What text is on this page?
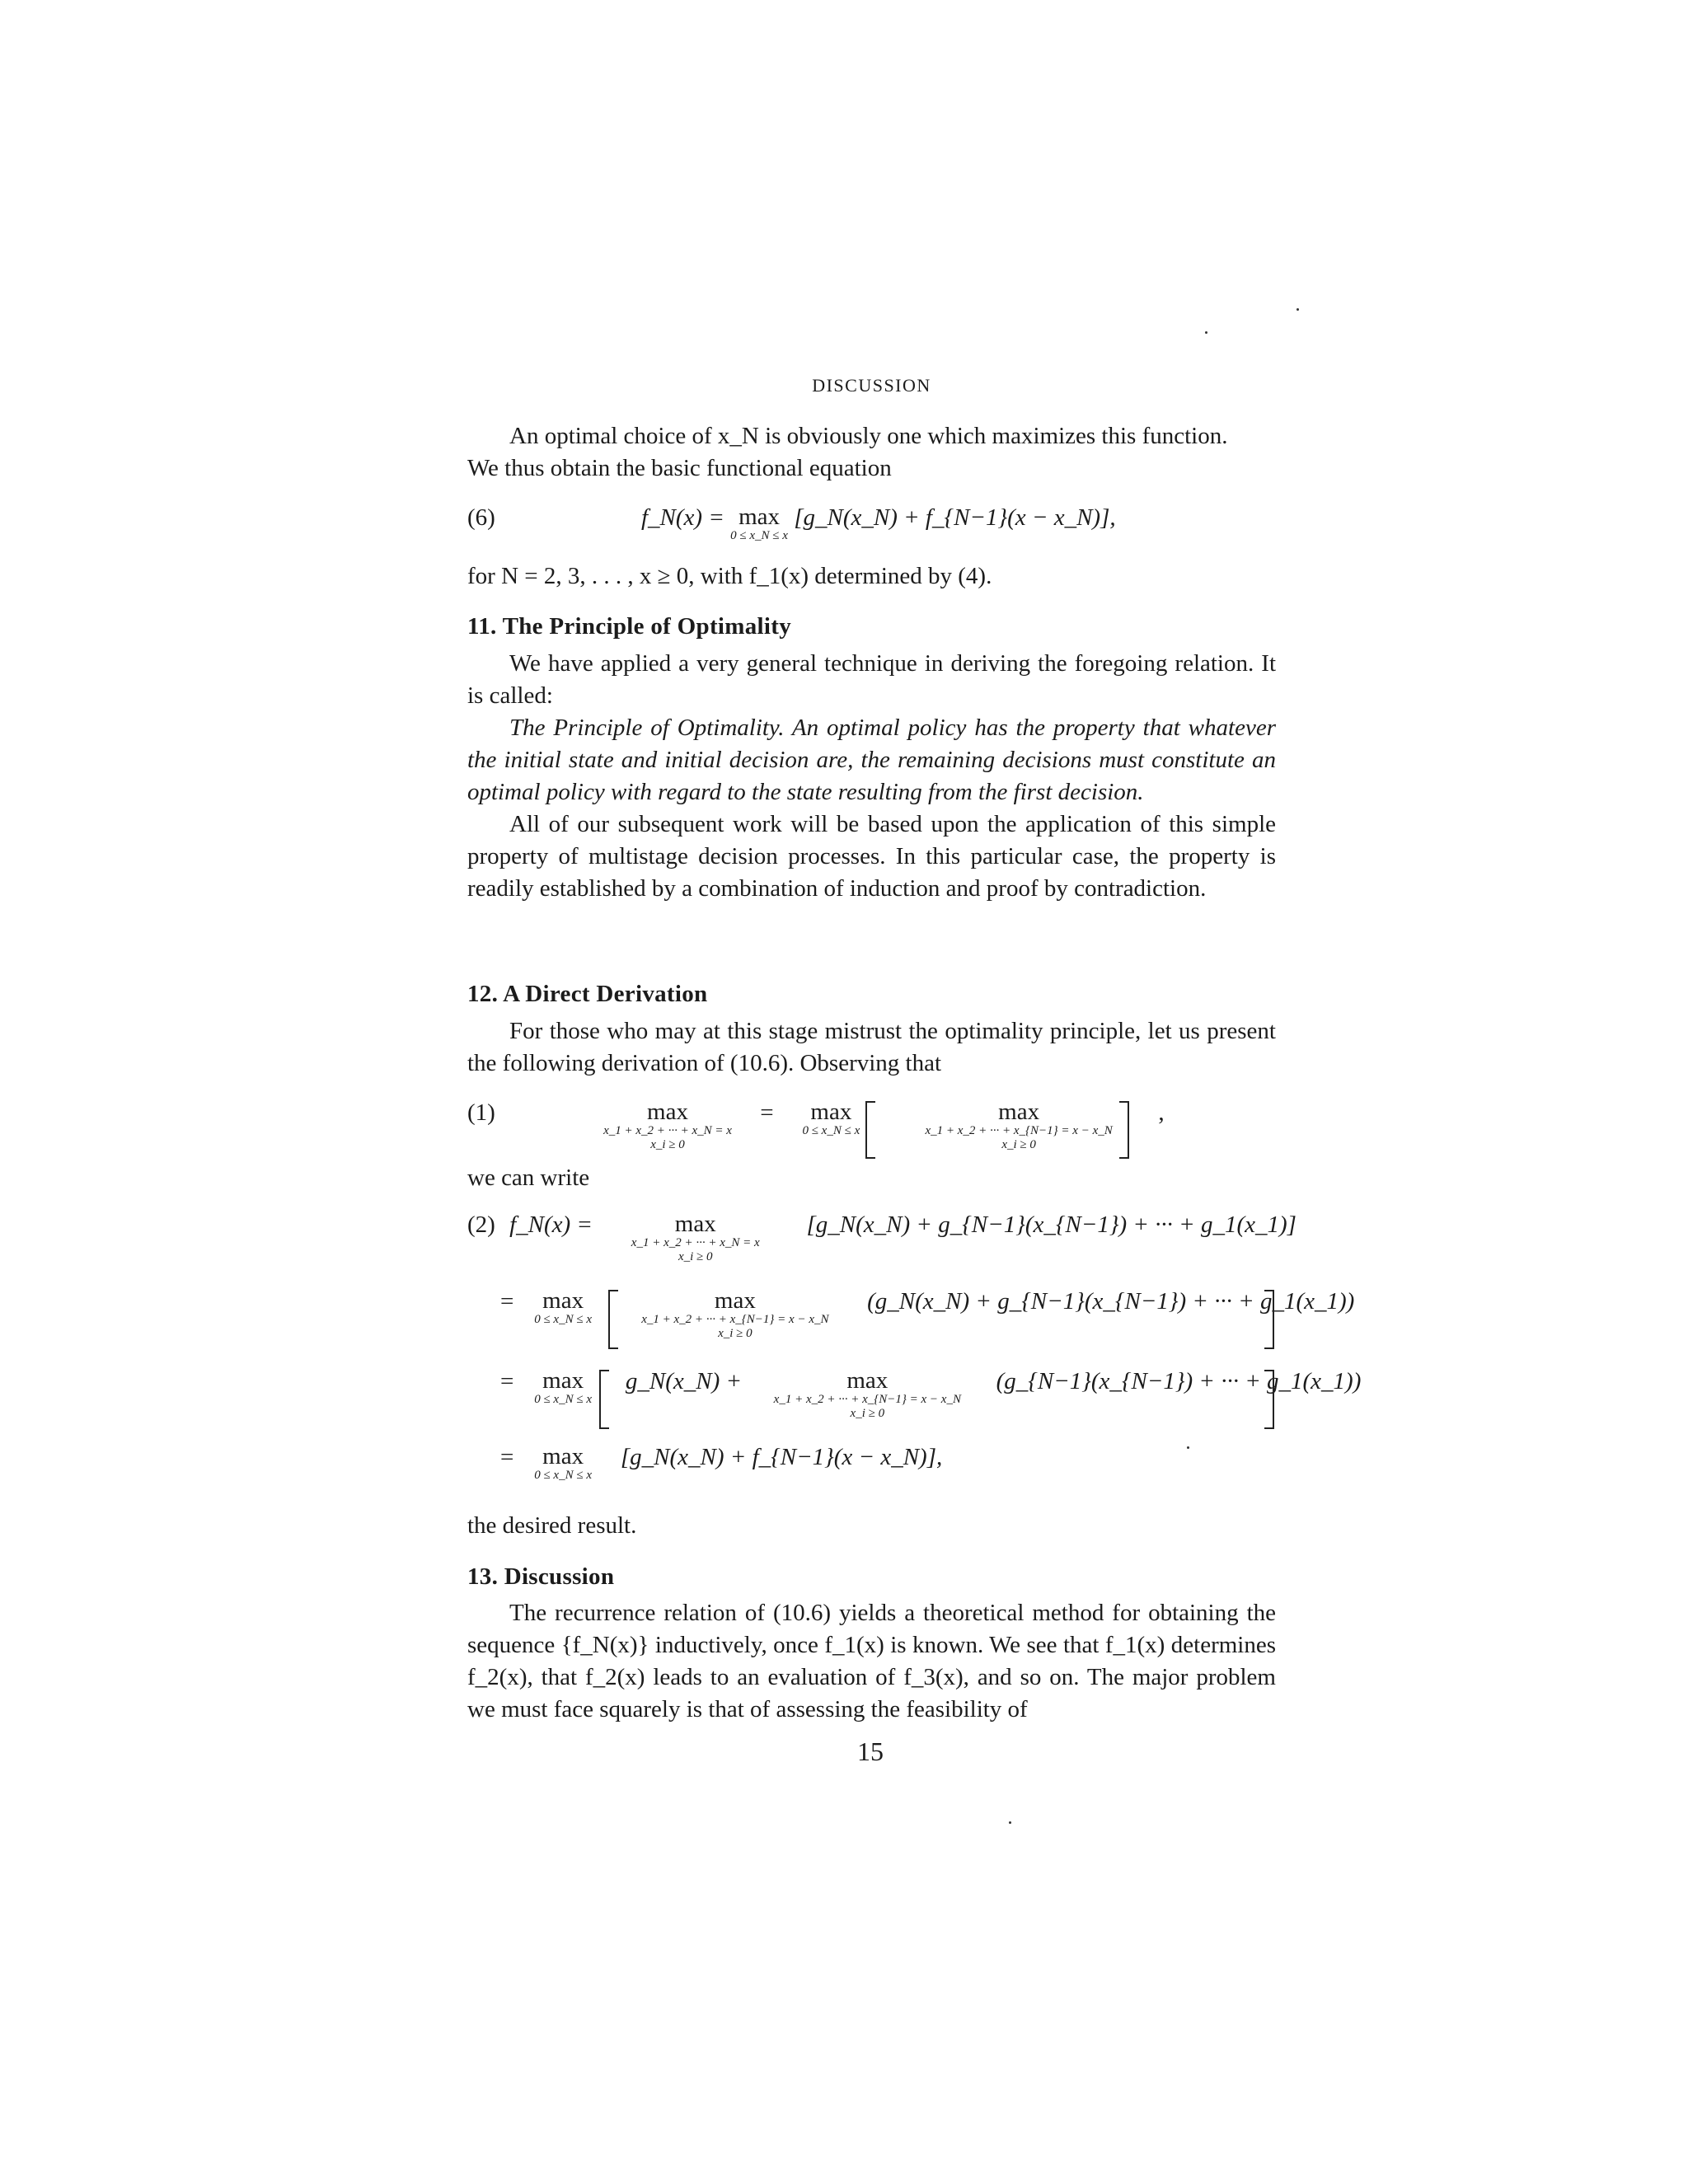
DISCUSSION

An optimal choice of x_N is obviously one which maximizes this function.

We thus obtain the basic functional equation

(6)	f_N(x) = max
0 ≤ x_N ≤ x
[g_N(x_N) + f_{N−1}(x − x_N)],

for N = 2, 3, . . . , x ≥ 0, with f_1(x) determined by (4).

11. The Principle of Optimality

We have applied a very general technique in deriving the foregoing relation. It is called:

The Principle of Optimality. An optimal policy has the property that whatever the initial state and initial decision are, the remaining decisions must constitute an optimal policy with regard to the state resulting from the first decision.

All of our subsequent work will be based upon the application of this simple property of multistage decision processes. In this particular case, the property is readily established by a combination of induction and proof by contradiction.

12. A Direct Derivation

For those who may at this stage mistrust the optimality principle, let us present the following derivation of (10.6). Observing that

(1)	max
x_1 + x_2 + ··· + x_N = x
x_i ≥ 0
=	max
0 ≤ x_N ≤ x

max
x_1 + x_2 + ··· + x_{N−1} = x − x_N
x_i ≥ 0
,

we can write

(2) f_N(x) =	max
x_1 + x_2 + ··· + x_N = x
x_i ≥ 0
[g_N(x_N) + g_{N−1}(x_{N−1}) + ··· + g_1(x_1)]
=	max
0 ≤ x_N ≤ x

max
x_1 + x_2 + ··· + x_{N−1} = x − x_N
x_i ≥ 0
(g_N(x_N) + g_{N−1}(x_{N−1}) + ··· + g_1(x_1))
=	max
0 ≤ x_N ≤ x
g_N(x_N) +	max
x_1 + x_2 + ··· + x_{N−1} = x − x_N
x_i ≥ 0
(g_{N−1}(x_{N−1}) + ··· + g_1(x_1))
=	max
0 ≤ x_N ≤ x
[g_N(x_N) + f_{N−1}(x − x_N)],

the desired result.

13. Discussion

The recurrence relation of (10.6) yields a theoretical method for obtaining the sequence {f_N(x)} inductively, once f_1(x) is known. We see that f_1(x) determines f_2(x), that f_2(x) leads to an evaluation of f_3(x), and so on. The major problem we must face squarely is that of assessing the feasibility of

15
